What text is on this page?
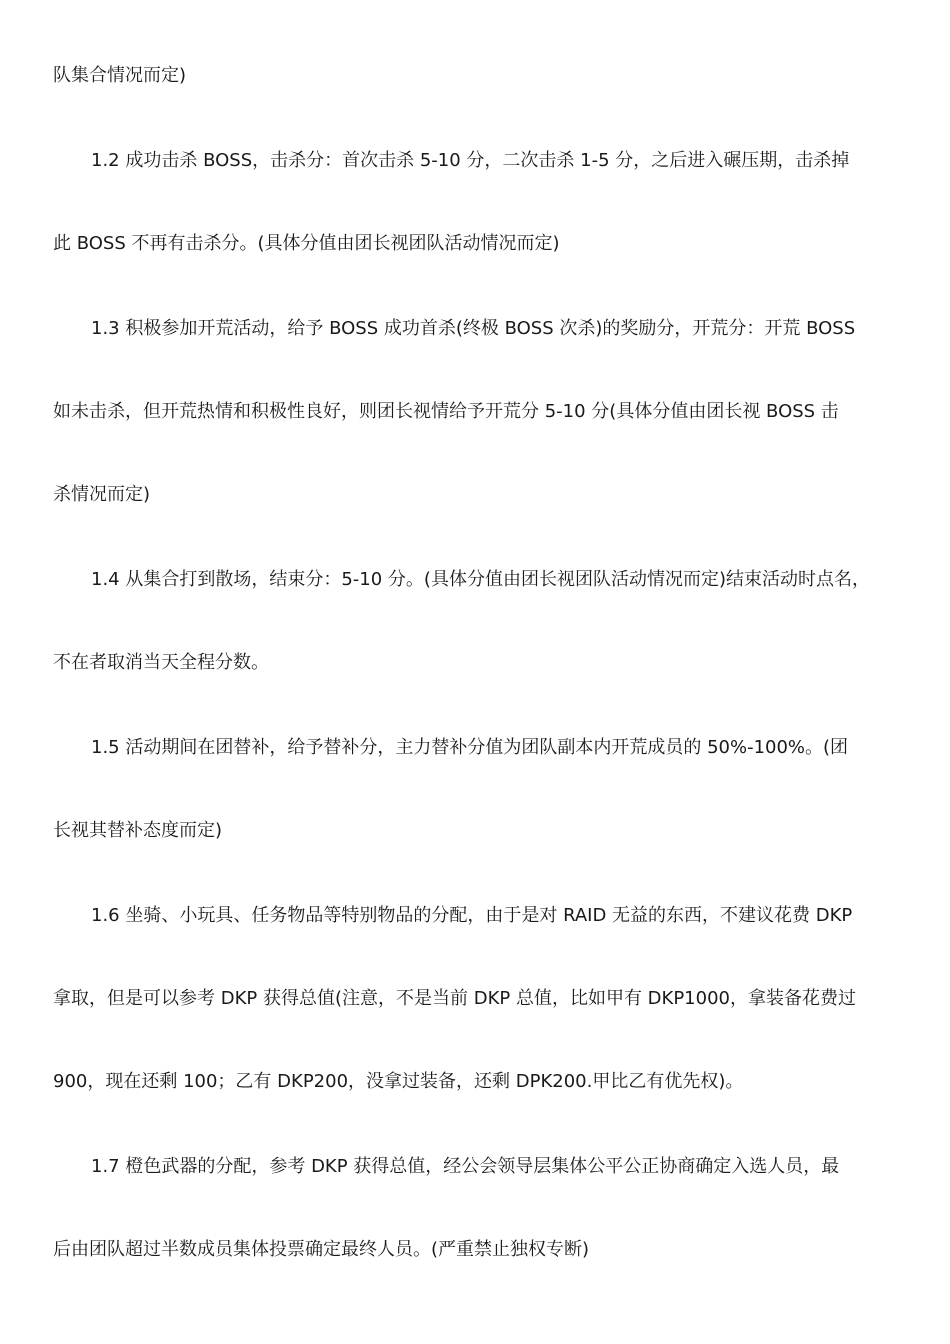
队集合情况而定)
1.2 成功击杀 BOSS，击杀分：首次击杀 5-10 分，二次击杀 1-5 分，之后进入碾压期，击杀掉
此 BOSS 不再有击杀分。(具体分值由团长视团队活动情况而定)
1.3 积极参加开荒活动，给予 BOSS 成功首杀(终极 BOSS 次杀)的奖励分，开荒分：开荒 BOSS
如未击杀，但开荒热情和积极性良好，则团长视情给予开荒分 5-10 分(具体分值由团长视 BOSS 击
杀情况而定)
1.4 从集合打到散场，结束分：5-10 分。(具体分值由团长视团队活动情况而定)结束活动时点名，
不在者取消当天全程分数。
1.5 活动期间在团替补，给予替补分，主力替补分值为团队副本内开荒成员的 50%-100%。(团
长视其替补态度而定)
1.6 坐骑、小玩具、任务物品等特别物品的分配，由于是对 RAID 无益的东西，不建议花费 DKP
拿取，但是可以参考 DKP 获得总值(注意，不是当前 DKP 总值，比如甲有 DKP1000，拿装备花费过
900，现在还剩 100；乙有 DKP200，没拿过装备，还剩 DPK200.甲比乙有优先权)。
1.7 橙色武器的分配，参考 DKP 获得总值，经公会领导层集体公平公正协商确定入选人员，最
后由团队超过半数成员集体投票确定最终人员。(严重禁止独权专断)
